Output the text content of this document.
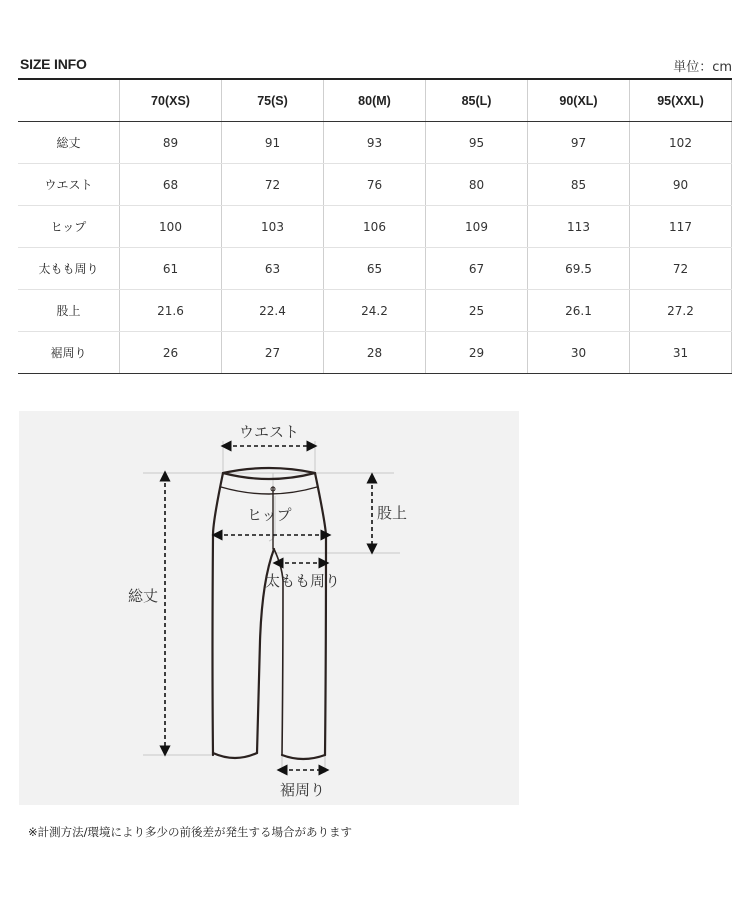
SIZE INFO	単位：cm
	70(XS)	75(S)	80(M)	85(L)	90(XL)	95(XXL)
総丈	89	91	93	95	97	102
ウエスト	68	72	76	80	85	90
ヒップ	100	103	106	109	113	117
太もも周り	61	63	65	67	69.5	72
股上	21.6	22.4	24.2	25	26.1	27.2
裾周り	26	27	28	29	30	31
ウエスト
ヒップ	股上
太もも周り
総丈
裾周り
※計測方法/環境により多少の前後差が発生する場合があります
